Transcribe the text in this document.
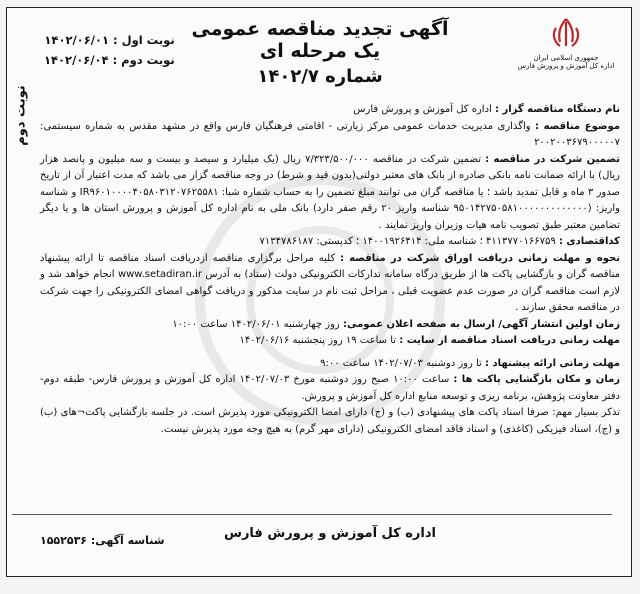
نوبت دوم
جمهوری اسلامی ایران
اداره کل آموزش و پرورش فارس
آگهی تجدید مناقصه عمومی یک مرحله ای
شماره ۱۴۰۲/۷
نوبت اول : ۱۴۰۲/۰۶/۰۱
نوبت دوم : ۱۴۰۲/۰۶/۰۴

نام دستگاه مناقصه گزار : اداره کل آموزش و پرورش فارس

موضوع مناقصه : واگذاری مدیریت خدمات عمومی مرکز زیارتی - اقامتی فرهنگیان فارس واقع در مشهد مقدس به شماره سیستمی: ۲۰۰۲۰۰۳۶۷۹۰۰۰۰۰۷

تضمین شرکت در مناقصه : تضمین شرکت در مناقصه ۷/۳۲۳/۵۰۰/۰۰۰ ریال (یک میلیارد و سیصد و بیست و سه میلیون و پانصد هزار ریال) با ارائه ضمانت نامه بانکی صادره از بانک های معتبر دولتی(بدون قید و شرط) در وجه مناقصه گزار می باشد که مدت اعتبار آن از تاریخ صدور ۳ ماه و قابل تمدید باشد ؛ یا مناقصه گران می توانند مبلغ تضمین را به حساب شماره شبا: IR۹۶۰۱۰۰۰۰۴۰۵۸۰۳۱۲۰۷۶۲۵۵۸۱ و شناسه واریز: (۹۵۰۱۴۲۷۵۰۵۸۱۰۰۰۰۰۰۰۰۰۰۰۰۰ شناسه واریز ۲۰ رقم صفر دارد) بانک ملی به نام اداره کل آموزش و پرورش استان ها و یا دیگر تضامین معتبر طبق تصویب نامه هیات وزیران واریز نمایند .

کداقتصادی : ۴۱۱۳۷۷۰۱۶۶۷۵۹ ؛ شناسه ملی: ۱۴۰۰۱۹۲۶۴۱۴ ؛ کدپستی: ۷۱۳۴۷۸۶۱۸۷

نحوه و مهلت زمانی دریافت اوراق شرکت در مناقصه : کلیه مراحل برگزاری مناقصه ازدریافت اسناد مناقصه تا ارائه پیشنهاد مناقصه گران و بازگشایی پاکت ها از طریق درگاه سامانه تدارکات الکترونیکی دولت (ستاد) به آدرس www.setadiran.ir انجام خواهد شد و لازم است مناقصه گران در صورت عدم عضویت قبلی ، مراحل ثبت نام در سایت مذکور و دریافت گواهی امضای الکترونیکی را جهت شرکت در مناقصه محقق سازند .

زمان اولین انتشار آگهی/ ارسال به صفحه اعلان عمومی: روز چهارشنبه ۱۴۰۲/۰۶/۰۱ ساعت ۱۰:۰۰

مهلت زمانی دریافت اسناد مناقصه از سایت : تا ساعت ۱۹ روز پنجشنبه ۱۴۰۲/۰۶/۱۶

مهلت زمانی ارائه پیشنهاد : تا روز دوشنبه ۱۴۰۲/۰۷/۰۳ ساعت ۹:۰۰

زمان و مکان بازگشایی پاکت ها : ساعت ۱۰:۰۰ صبح روز دوشنبه مورخ ۱۴۰۲/۰۷/۰۳ اداره کل آموزش و پرورش فارس- طبقه دوم- دفتر معاونت پژوهش، برنامه ریزی و توسعه منابع اداره کل آموزش و پرورش.

تذکر بسیار مهم: صرفا اسناد پاکت های پیشنهادی (ب) و (ج) دارای امضا الکترونیکی مورد پذیرش است. در جلسه بازگشایی پاکت¬های (ب) و (ج)، اسناد فیزیکی (کاغذی) و اسناد فاقد امضای الکترونیکی (دارای مهر گرم) به هیچ وجه مورد پذیرش نیست.

اداره کل آموزش و پرورش فارس
شناسه آگهی: ۱۵۵۲۵۳۶
